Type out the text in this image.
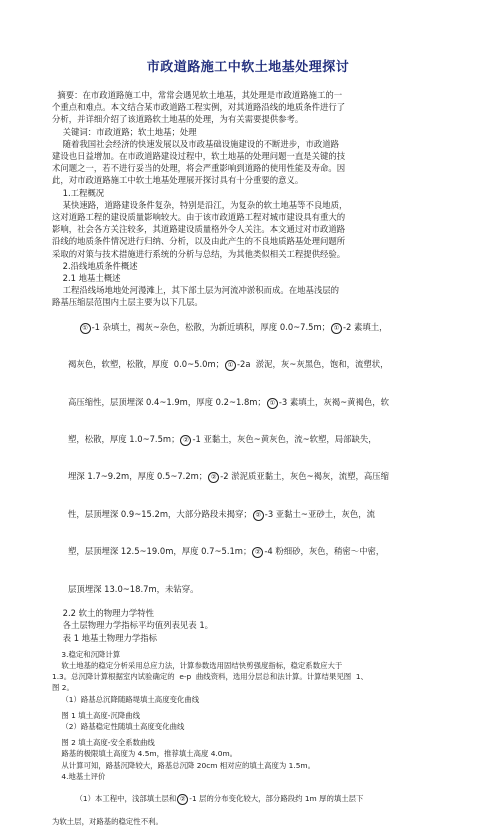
市政道路施工中软土地基处理探讨

摘要：在市政道路施工中，常常会遇见软土地基，其处理是市政道路施工的一

个重点和难点。本文结合某市政道路工程实例，对其道路沿线的地质条件进行了

分析，并详细介绍了该道路软土地基的处理，为有关需要提供参考。

关键词：市政道路；软土地基；处理

随着我国社会经济的快速发展以及市政基础设施建设的不断进步，市政道路

建设也日益增加。在市政道路建设过程中，软土地基的处理问题一直是关键的技

术问题之一，若不进行妥当的处理，将会严重影响到道路的使用性能及寿命。因

此，对市政道路施工中软土地基处理展开探讨具有十分重要的意义。

1.工程概况

某快速路，道路建设条件复杂，特别是沿江，为复杂的软土地基等不良地质，

这对道路工程的建设质量影响较大。由于该市政道路工程对城市建设具有重大的

影响，社会各方关注较多，其道路建设质量格外令人关注。本文通过对市政道路

沿线的地质条件情况进行归纳、分析，以及由此产生的不良地质路基处理问题所

采取的对策与技术措施进行系统的分析与总结，为其他类似相关工程提供经验。

2.沿线地质条件概述

2.1 地基土概述

工程沿线场地地处河漫滩上，其下部土层为河流冲淤积而成。在地基浅层的

路基压缩层范围内土层主要为以下几层。

① -1 杂填土，褐灰~杂色，松散，为新近填积，厚度 0.0~7.5m； ① -2 素填土，

褐灰色，软塑，松散，厚度  0.0~5.0m； ① -2a  淤泥，灰~灰黑色，饱和，流塑状，

高压缩性，层顶埋深 0.4~1.9m，厚度 0.2~1.8m； ① -3 素填土，灰褐~黄褐色，软

塑，松散，厚度 1.0~7.5m； ② -1 亚黏土，灰色~黄灰色，流~软塑，局部缺失，

埋深 1.7~9.2m，厚度 0.5~7.2m； ② -2 淤泥质亚黏土，灰色~褐灰，流塑，高压缩

性，层顶埋深 0.9~15.2m，大部分路段未揭穿； ② -3 亚黏土~亚砂土，灰色，流

塑，层顶埋深 12.5~19.0m，厚度 0.7~5.1m； ② -4 粉细砂，灰色，稍密～中密，

层顶埋深 13.0~18.7m，未钻穿。

2.2 软土的物理力学特性

各土层物理力学指标平均值列表见表 1。

表 1 地基土物理力学指标

3.稳定和沉降计算

软土地基的稳定分析采用总应力法，计算参数选用固结快剪强度指标，稳定系数应大于

1.3。总沉降计算根据室内试验确定的  e-p  曲线资料，选用分层总和法计算。计算结果见图  1、

图 2。

（1）路基总沉降随路堤填土高度变化曲线

图 1 填土高度-沉降曲线

（2）路基稳定性随填土高度变化曲线

图 2 填土高度-安全系数曲线

路基的极限填土高度为 4.5m，推荐填土高度 4.0m。

从计算可知，路基沉降较大，路基总沉降 20cm 相对应的填土高度为 1.5m。

4.地基土评价

（1）本工程中，浅部填土层和 ② -1 层的分布变化较大，部分路段约 1m 厚的填土层下

为软土层，对路基的稳定性不利。
